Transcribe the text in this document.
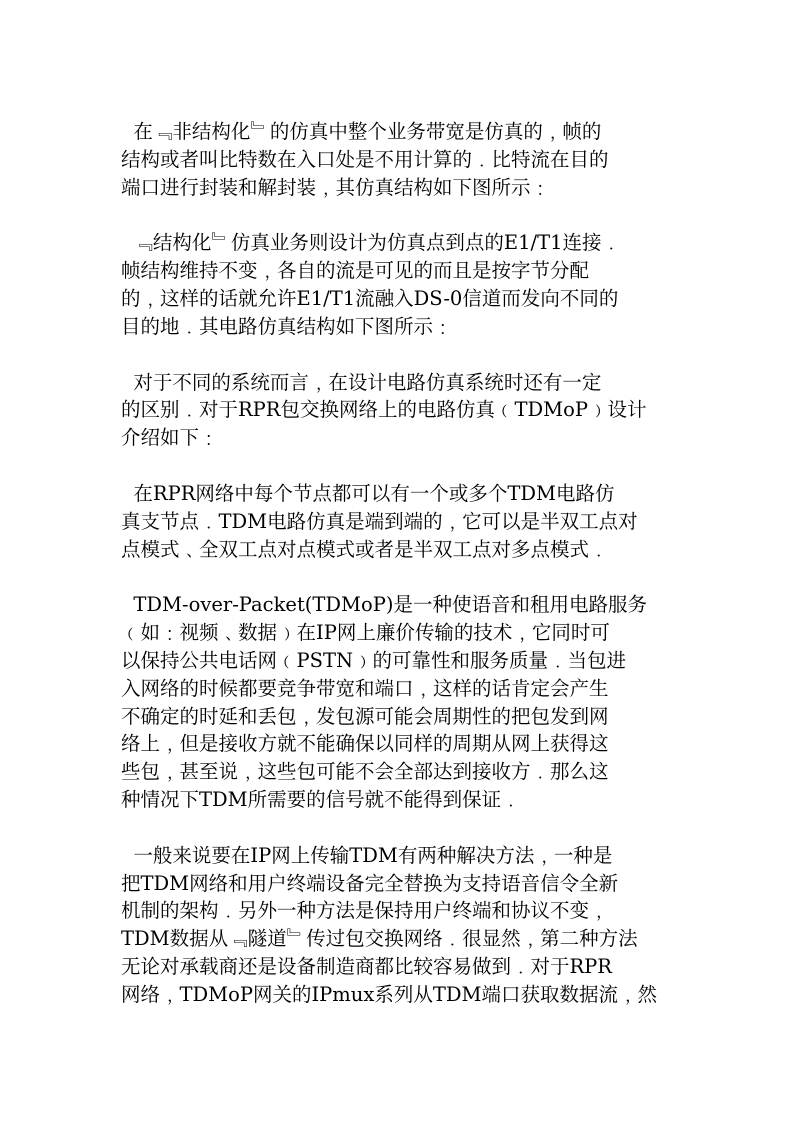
在﹃非结构化﹄的仿真中整个业务带宽是仿真的﹐帧的
结构或者叫比特数在入口处是不用计算的﹒比特流在目的
端口进行封装和解封装﹐其仿真结构如下图所示﹕
﹃结构化﹄仿真业务则设计为仿真点到点的E1/T1连接﹒
帧结构维持不变﹐各自的流是可见的而且是按字节分配
的﹐这样的话就允许E1/T1流融入DS-0信道而发向不同的
目的地﹒其电路仿真结构如下图所示﹕
对于不同的系统而言﹐在设计电路仿真系统时还有一定
的区别﹒对于RPR包交换网络上的电路仿真﹙TDMoP﹚设计
介绍如下﹕
在RPR网络中每个节点都可以有一个或多个TDM电路仿
真支节点﹒TDM电路仿真是端到端的﹐它可以是半双工点对
点模式﹑全双工点对点模式或者是半双工点对多点模式﹒
TDM-over-Packet(TDMoP)是一种使语音和租用电路服务
﹙如﹕视频﹑数据﹚在IP网上廉价传输的技术﹐它同时可
以保持公共电话网﹙PSTN﹚的可靠性和服务质量﹒当包进
入网络的时候都要竞争带宽和端口﹐这样的话肯定会产生
不确定的时延和丢包﹐发包源可能会周期性的把包发到网
络上﹐但是接收方就不能确保以同样的周期从网上获得这
些包﹐甚至说﹐这些包可能不会全部达到接收方﹒那么这
种情况下TDM所需要的信号就不能得到保证﹒
一般来说要在IP网上传输TDM有两种解决方法﹐一种是
把TDM网络和用户终端设备完全替换为支持语音信令全新
机制的架构﹒另外一种方法是保持用户终端和协议不变﹐
TDM数据从﹃隧道﹄传过包交换网络﹒很显然﹐第二种方法
无论对承载商还是设备制造商都比较容易做到﹒对于RPR
网络﹐TDMoP网关的IPmux系列从TDM端口获取数据流﹐然
